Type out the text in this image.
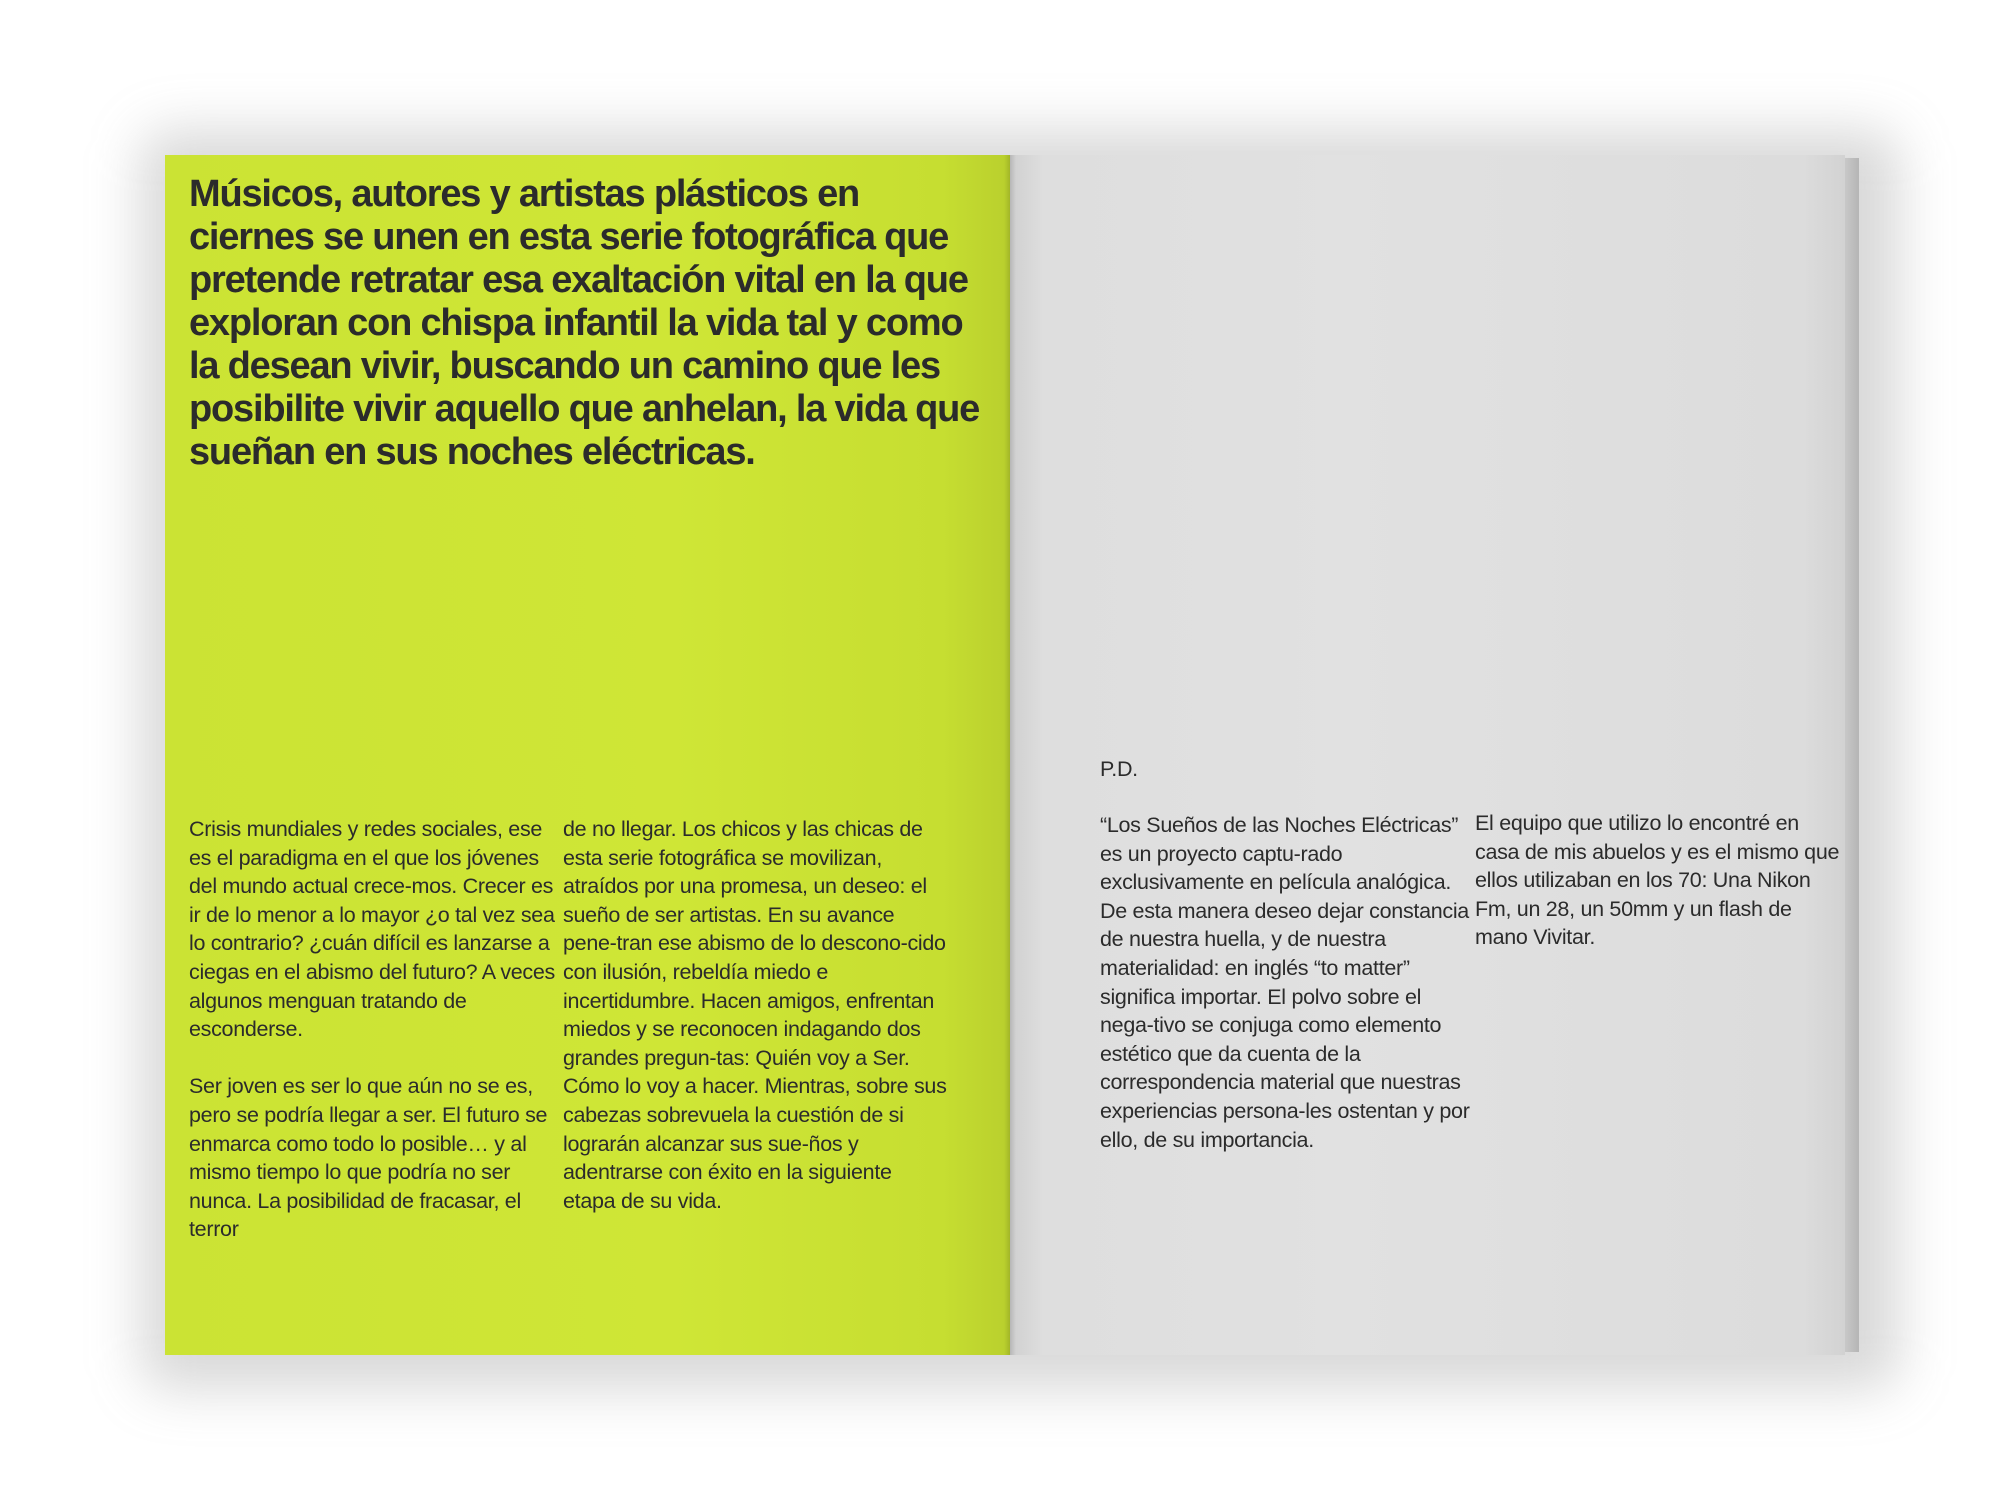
Músicos, autores y artistas plásticos en ciernes se unen en esta serie fotográfica que pretende retratar esa exaltación vital en la que exploran con chispa infantil la vida tal y como la desean vivir, buscando un camino que les posibilite vivir aquello que anhelan, la vida que sueñan en sus noches eléctricas.

Crisis mundiales y redes sociales, ese es el paradigma en el que los jóvenes del mundo actual crece-mos. Crecer es ir de lo menor a lo mayor ¿o tal vez sea lo contrario? ¿cuán difícil es lanzarse a ciegas en el abismo del futuro? A veces algunos menguan tratando de esconderse.

Ser joven es ser lo que aún no se es, pero se podría llegar a ser. El futuro se enmarca como todo lo posible… y al mismo tiempo lo que podría no ser nunca. La posibilidad de fracasar, el terror

de no llegar. Los chicos y las chicas de esta serie fotográfica se movilizan, atraídos por una promesa, un deseo: el sueño de ser artistas. En su avance pene-tran ese abismo de lo descono-cido con ilusión, rebeldía miedo e incertidumbre. Hacen amigos, enfrentan miedos y se reconocen indagando dos grandes pregun-tas: Quién voy a Ser. Cómo lo voy a hacer. Mientras, sobre sus cabezas sobrevuela la cuestión de si lograrán alcanzar sus sue-ños y adentrarse con éxito en la siguiente etapa de su vida.

P.D.

“Los Sueños de las Noches Eléctricas” es un proyecto captu-rado exclusivamente en película analógica. De esta manera deseo dejar constancia de nuestra huella, y de nuestra materialidad: en inglés “to matter” significa importar. El polvo sobre el nega-tivo se conjuga como elemento estético que da cuenta de la correspondencia material que nuestras experiencias persona-les ostentan y por ello, de su importancia.

El equipo que utilizo lo encontré en casa de mis abuelos y es el mismo que ellos utilizaban en los 70: Una Nikon Fm, un 28, un 50mm y un flash de mano Vivitar.
